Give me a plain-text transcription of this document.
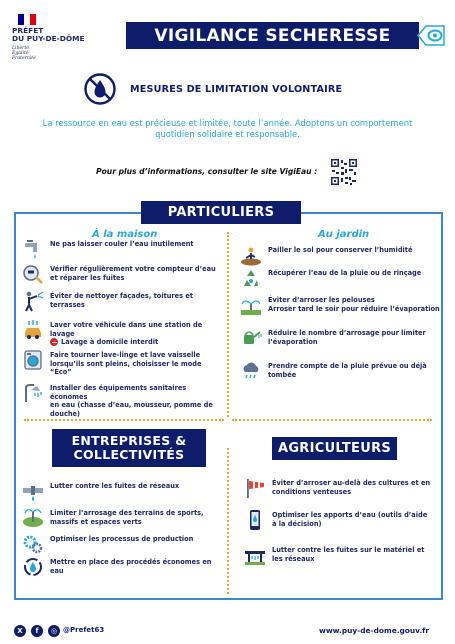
PRÉFET
DU PUY-DE-DÔME
Liberté
Égalité
Fraternité
VIGILANCE SECHERESSE
MESURES DE LIMITATION VOLONTAIRE
La ressource en eau est précieuse et limitée, toute l’année. Adoptons un comportement quotidien solidaire et responsable.
Pour plus d’informations, consulter le site VigiEau :
PARTICULIERS
À la maison	Au jardin
Ne pas laisser couler l’eau inutilement
Vérifier régulièrement votre compteur d’eau
et réparer les fuites
Éviter de nettoyer façades, toitures et terrasses
Laver votre véhicule dans une station de lavage
Lavage à domicile interdit
Faire tourner lave-linge et lave vaisselle
lorsqu’ils sont pleins, choisisser le mode “Éco”
Installer des équipements sanitaires économes
en eau (chasse d’eau, mousseur, pomme de
douche)
Pailler le sol pour conserver l’humidité
Récupérer l’eau de la pluie ou de rinçage
Éviter d’arroser les pelouses
Arroser tard le soir pour réduire l’évaporation
Réduire le nombre d’arrosage pour limiter
l’évaporation
Prendre compte de la pluie prévue ou déjà
tombée
ENTREPRISES &
COLLECTIVITÉS
Lutter contre les fuites de réseaux
Limiter l’arrosage des terrains de sports,
massifs et espaces verts
Optimiser les processus de production
Mettre en place des procédés économes en eau
AGRICULTEURS
Éviter d’arroser au-delà des cultures et en
conditions venteuses
Optimiser les apports d’eau (outils d’aide
à la décision)
Lutter contre les fuites sur le matériel et
les réseaux
X	f	◎ @Prefet63	www.puy-de-dome.gouv.fr
